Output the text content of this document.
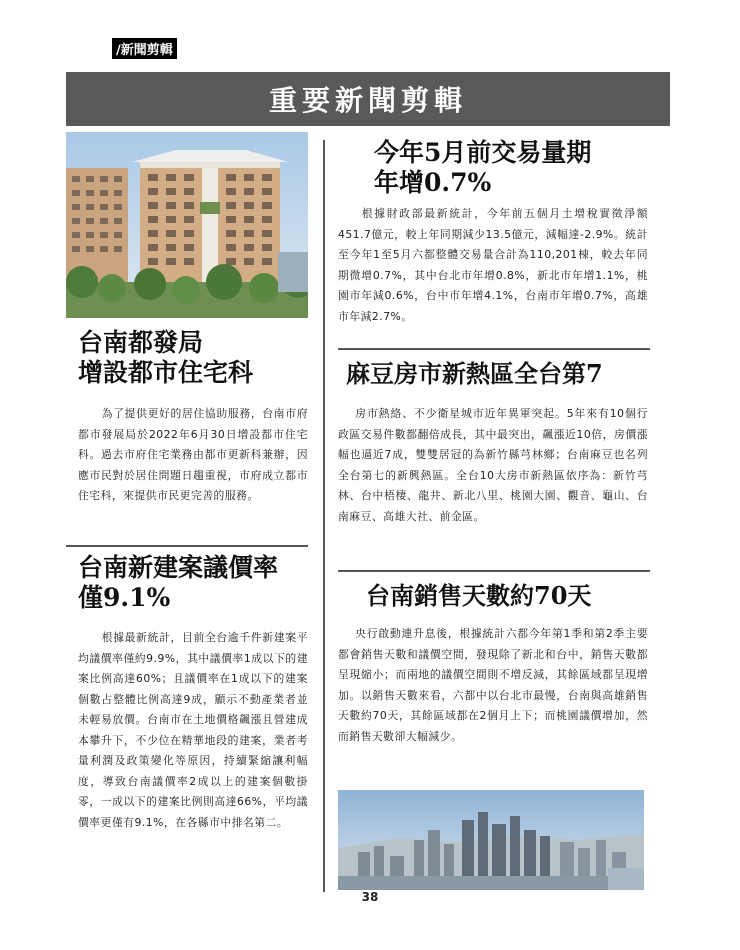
/新聞剪輯
重要新聞剪輯
台南都發局
增設都市住宅科
為了提供更好的居住協助服務，台南市府都市發展局於2022年6月30日增設都市住宅科。過去市府住宅業務由都市更新科兼辦，因應市民對於居住問題日趨重視，市府成立都市住宅科，來提供市民更完善的服務。
台南新建案議價率
僅9.1%
根據最新統計，目前全台逾千件新建案平均議價率僅約9.9%，其中議價率1成以下的建案比例高達60%；且議價率在1成以下的建案個數占整體比例高達9成，顯示不動產業者並未輕易放價。台南市在土地價格飆漲且營建成本攀升下，不少位在精華地段的建案，業者考量利潤及政策變化等原因，持續緊縮讓利幅度，導致台南議價率2成以上的建案個數掛零，一成以下的建案比例則高達66%，平均議價率更僅有9.1%，在各縣市中排名第二。
今年5月前交易量期
年增0.7%
根據財政部最新統計，今年前五個月土增稅實徵淨額451.7億元，較上年同期減少13.5億元，減幅達-2.9%。統計至今年1至5月六都整體交易量合計為110,201棟，較去年同期微增0.7%，其中台北市年增0.8%，新北市年增1.1%，桃園市年減0.6%，台中市年增4.1%，台南市年增0.7%，高雄市年減2.7%。
麻豆房市新熱區全台第7
房市熱絡、不少衛星城市近年異軍突起。5年來有10個行政區交易件數都翻倍成長，其中最突出，飆漲近10倍，房價漲幅也逼近7成，雙雙居冠的為新竹縣芎林鄉；台南麻豆也名列全台第七的新興熱區。全台10大房市新熱區依序為：新竹芎林、台中梧棲、龍井、新北八里、桃園大園、觀音、龜山、台南麻豆、高雄大社、前金區。
台南銷售天數約70天
央行啟動連升息後，根據統計六都今年第1季和第2季主要都會銷售天數和議價空間，發現除了新北和台中，銷售天數都呈現縮小；而兩地的議價空間則不增反減，其餘區域都呈現增加。以銷售天數來看，六都中以台北市最慢，台南與高雄銷售天數約70天，其餘區域都在2個月上下；而桃園議價增加，然而銷售天數卻大幅減少。
38
